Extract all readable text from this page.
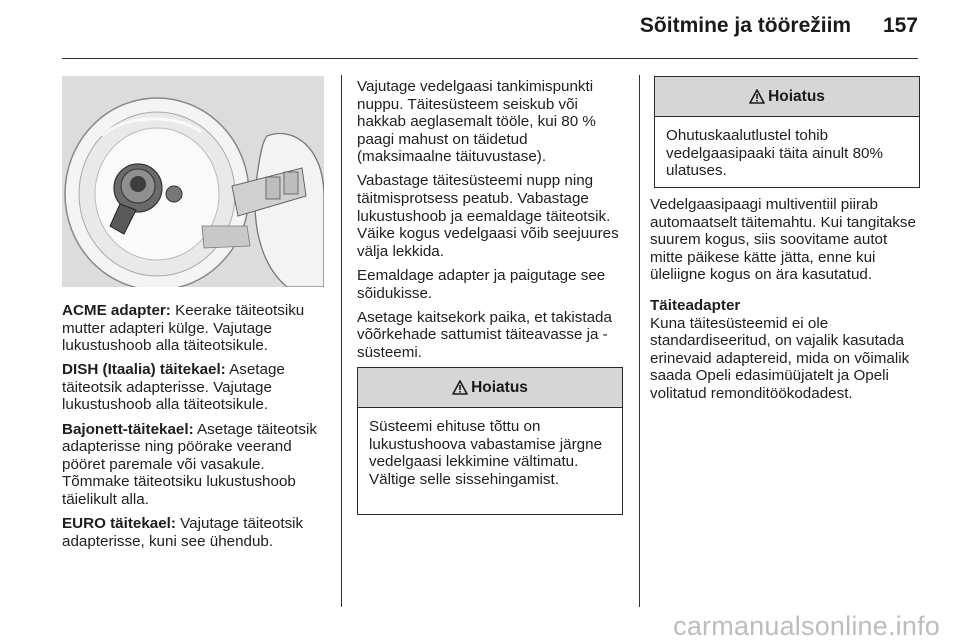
Sõitmine ja töörežiim 157

ACME adapter: Keerake täiteotsiku mutter adapteri külge. Vajutage lukustushoob alla täiteotsikule.

DISH (Itaalia) täitekael: Asetage täiteotsik adapterisse. Vajutage lukustushoob alla täiteotsikule.

Bajonett-täitekael: Asetage täiteotsik adapterisse ning pöörake veerand pööret paremale või vasakule. Tõmmake täiteotsiku lukustushoob täielikult alla.

EURO täitekael: Vajutage täiteotsik adapterisse, kuni see ühendub.

Vajutage vedelgaasi tankimispunkti nuppu. Täitesüsteem seiskub või hakkab aeglasemalt tööle, kui 80 % paagi mahust on täidetud (maksimaalne täituvustase).

Vabastage täitesüsteemi nupp ning täitmisprotsess peatub. Vabastage lukustushoob ja eemaldage täiteotsik. Väike kogus vedelgaasi võib seejuures välja lekkida.

Eemaldage adapter ja paigutage see sõidukisse.

Asetage kaitsekork paika, et takistada võõrkehade sattumist täiteavasse ja -süsteemi.

Hoiatus
Süsteemi ehituse tõttu on lukustushoova vabastamise järgne vedelgaasi lekkimine vältimatu. Vältige selle sissehingamist.
Hoiatus
Ohutuskaalutlustel tohib vedelgaasipaaki täita ainult 80% ulatuses.

Vedelgaasipaagi multiventiil piirab automaatselt täitemahtu. Kui tangitakse suurem kogus, siis soovitame autot mitte päikese kätte jätta, enne kui üleliigne kogus on ära kasutatud.

Täiteadapter

Kuna täitesüsteemid ei ole standardiseeritud, on vajalik kasutada erinevaid adaptereid, mida on võimalik saada Opeli edasimüüjatelt ja Opeli volitatud remonditöökodadest.

carmanualsonline.info
